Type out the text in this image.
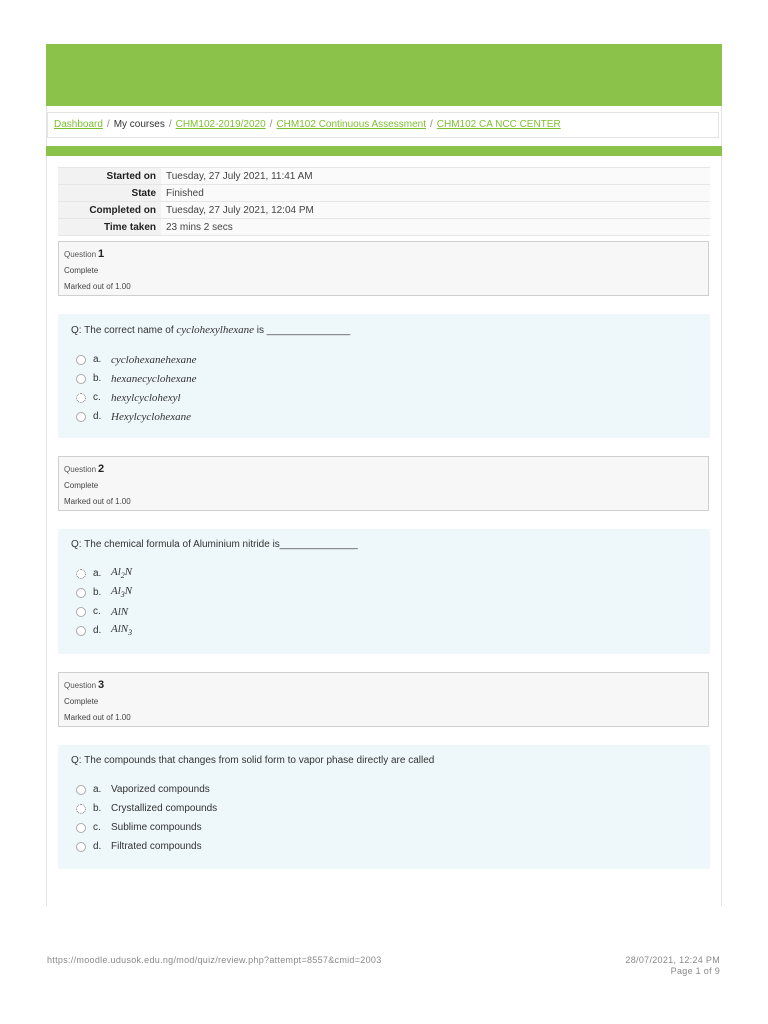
Dashboard / My courses / CHM102-2019/2020 / CHM102 Continuous Assessment / CHM102 CA NCC CENTER
Started on	Tuesday, 27 July 2021, 11:41 AM
State	Finished
Completed on	Tuesday, 27 July 2021, 12:04 PM
Time taken	23 mins 2 secs
Question 1
Complete
Marked out of 1.00
Q: The correct name of cyclohexylhexane is _______________
a. cyclohexanehexane
b. hexanecyclohexane
c. hexylcyclohexyl
d. Hexylcyclohexane
Question 2
Complete
Marked out of 1.00
Q: The chemical formula of Aluminium nitride is______________
a. $Al_2N$
b. $Al_3N$
c. AlN
d. AlN$_3$
Question 3
Complete
Marked out of 1.00
Q: The compounds that changes from solid form to vapor phase directly are called
a. Vaporized compounds
b. Crystallized compounds
c.	Sublime compounds
d. Filtrated compounds
https://moodle.udusok.edu.ng/mod/quiz/review.php?attempt=8557&cmid=2003	28/07/2021, 12:24 PM
Page 1 of 9
